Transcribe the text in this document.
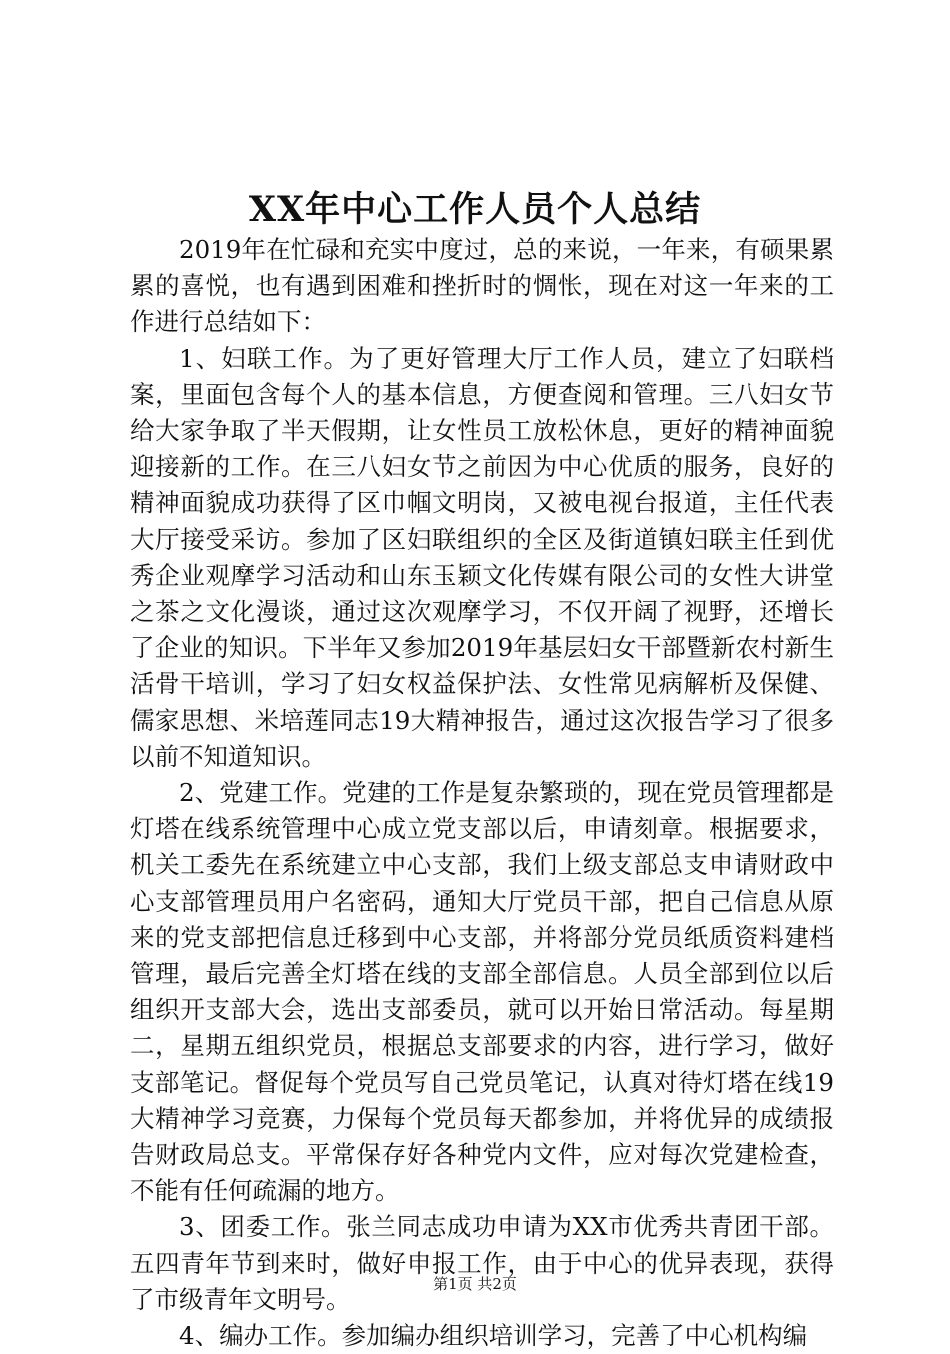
XX年中心工作人员个人总结

2019年在忙碌和充实中度过，总的来说，一年来，有硕果累累的喜悦，也有遇到困难和挫折时的惆怅，现在对这一年来的工作进行总结如下：

1、妇联工作。为了更好管理大厅工作人员，建立了妇联档案，里面包含每个人的基本信息，方便查阅和管理。三八妇女节给大家争取了半天假期，让女性员工放松休息，更好的精神面貌迎接新的工作。在三八妇女节之前因为中心优质的服务，良好的精神面貌成功获得了区巾帼文明岗，又被电视台报道，主任代表大厅接受采访。参加了区妇联组织的全区及街道镇妇联主任到优秀企业观摩学习活动和山东玉颖文化传媒有限公司的女性大讲堂之茶之文化漫谈，通过这次观摩学习，不仅开阔了视野，还增长了企业的知识。下半年又参加2019年基层妇女干部暨新农村新生活骨干培训，学习了妇女权益保护法、女性常见病解析及保健、儒家思想、米培莲同志19大精神报告，通过这次报告学习了很多以前不知道知识。

2、党建工作。党建的工作是复杂繁琐的，现在党员管理都是灯塔在线系统管理中心成立党支部以后，申请刻章。根据要求，机关工委先在系统建立中心支部，我们上级支部总支申请财政中心支部管理员用户名密码，通知大厅党员干部，把自己信息从原来的党支部把信息迁移到中心支部，并将部分党员纸质资料建档管理，最后完善全灯塔在线的支部全部信息。人员全部到位以后组织开支部大会，选出支部委员，就可以开始日常活动。每星期二，星期五组织党员，根据总支部要求的内容，进行学习，做好支部笔记。督促每个党员写自己党员笔记，认真对待灯塔在线19大精神学习竞赛，力保每个党员每天都参加，并将优异的成绩报告财政局总支。平常保存好各种党内文件，应对每次党建检查，不能有任何疏漏的地方。

3、团委工作。张兰同志成功申请为XX市优秀共青团干部。五四青年节到来时，做好申报工作，由于中心的优异表现，获得了市级青年文明号。

4、编办工作。参加编办组织培训学习，完善了中心机构编

第1页 共2页
